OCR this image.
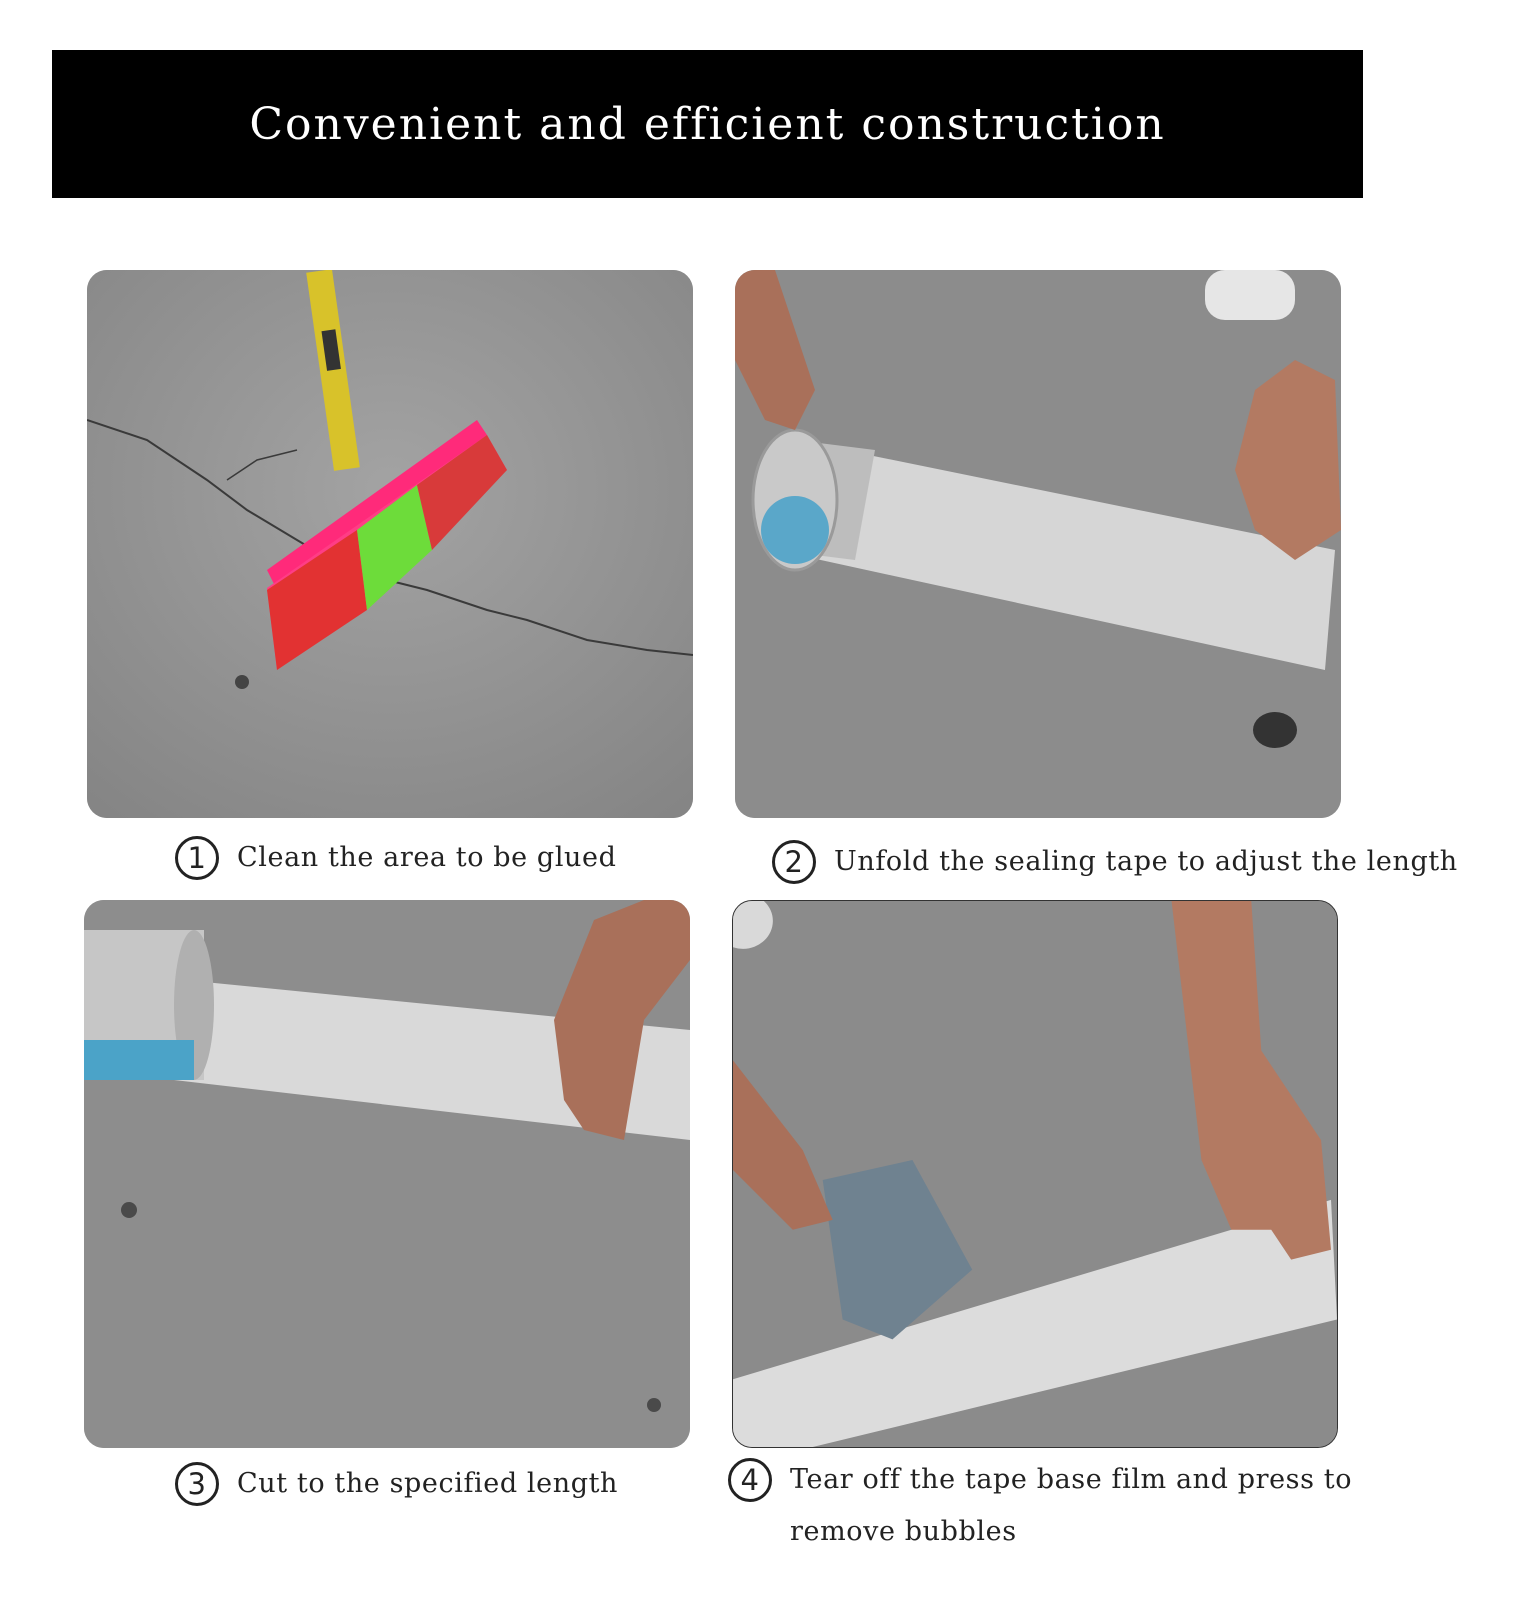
Convenient and efficient construction
1	Clean the area to be glued	2	Unfold the sealing tape to adjust the length
3	Cut to the specified length	4	Tear off the tape base film and press to remove bubbles
